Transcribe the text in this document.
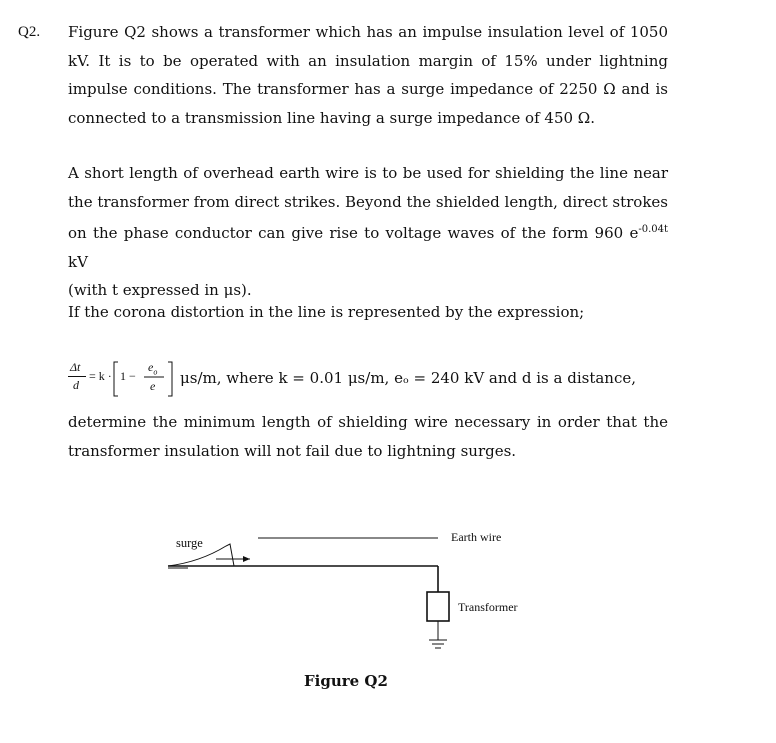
Q2. Figure Q2 shows a transformer which has an impulse insulation level of 1050
kV. It is to be operated with an insulation margin of 15% under lightning
impulse conditions. The transformer has a surge impedance of 2250 Ω and is
connected to a transmission line having a surge impedance of 450 Ω.
A short length of overhead earth wire is to be used for shielding the line near
the transformer from direct strikes. Beyond the shielded length, direct strokes
on the phase conductor can give rise to voltage waves of the form 960 $e^{-0.04t}$ kV
(with t expressed in μs).
If the corona distortion in the line is represented by the expression;
Δt
d
= k · 1 −
$e_o$
e μs/m, where k = 0.01 μs/m, eₒ = 240 kV and d is a distance,
determine the minimum length of shielding wire necessary in order that the
transformer insulation will not fail due to lightning surges.
surge	Earth wire
Transformer
Figure Q2
